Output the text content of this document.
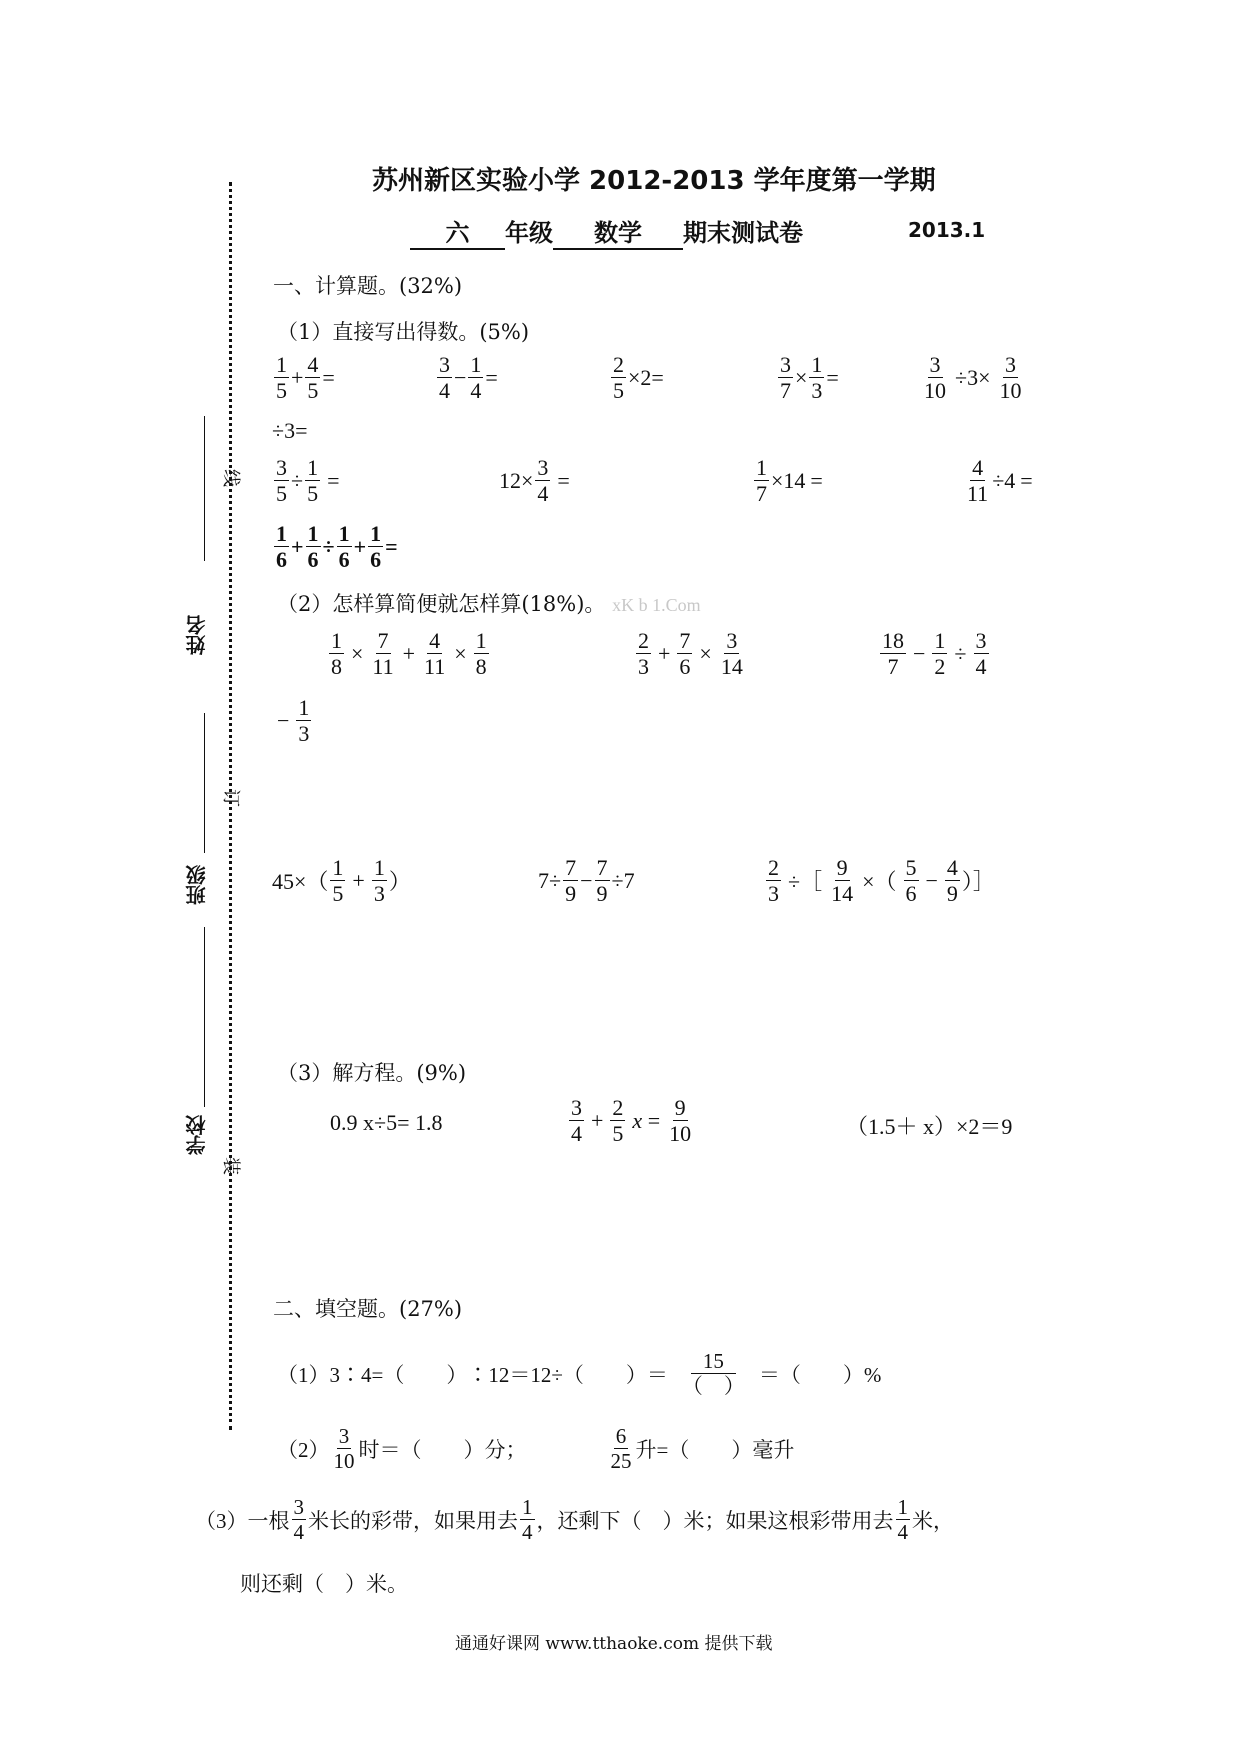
姓名
线
班级
订
学校
装
苏州新区实验小学 2012-2013 学年度第一学期
六 年级 数学 期末测试卷	2013.1
一、计算题。(32%)
（1）直接写出得数。(5%)
$\frac{1}{5} + \frac{4}{5}$ =	$\frac{3}{4} - \frac{1}{4}$ =	$\frac{2}{5} \times 2=$	$\frac{3}{7} \times \frac{1}{3}$ =	$\frac{3}{10} \div 3\times \frac{3}{10}$
÷3=
$\frac{3}{5} \div \frac{1}{5}$ =	$12\times \frac{3}{4}$ =	$\frac{1}{7} \times 14$ =	$\frac{4}{11} \div 4$ =
$\frac{1}{6} + \frac{1}{6} \div \frac{1}{6} + \frac{1}{6}$ =
（2）怎样算简便就怎样算(18%)。 xK b 1.Com
$\frac{1}{8} \times \frac{7}{11} + \frac{4}{11} \times \frac{1}{8}$	$\frac{2}{3} + \frac{7}{6} \times \frac{3}{14}$	$\frac{18}{7} - \frac{1}{2} \div \frac{3}{4}$
− $\frac{1}{3}$
$45\times( \frac{1}{5} + \frac{1}{3}$ ）	$7\div \frac{7}{9} - \frac{7}{9} \div 7$	$\frac{2}{3}$ ÷［ $\frac{9}{14}$ ×（ $\frac{5}{6} - \frac{4}{9}$ ）］
（3）解方程。(9%)
0.9 x÷5= 1.8	$\frac{3}{4} + \frac{2}{5}$ $x = \frac{9}{10}$	（1.5＋ x）×2＝9
二、填空题。(27%)
（1）3∶4=（　　）∶12＝12÷（　　）＝ $\frac{15}{( )}$ ＝（　　）%
$(2) \frac{3}{10}$ 时＝（　　）分；	$\frac{6}{25}$ 升=（　　）毫升
（3）一根 $\frac{3}{4}$ 米长的彩带，如果用去 $\frac{1}{4}$ ，还剩下（　）米；如果这根彩带用去 $\frac{1}{4}$ 米，
则还剩（　）米。
通通好课网 www.tthaoke.com 提供下载
